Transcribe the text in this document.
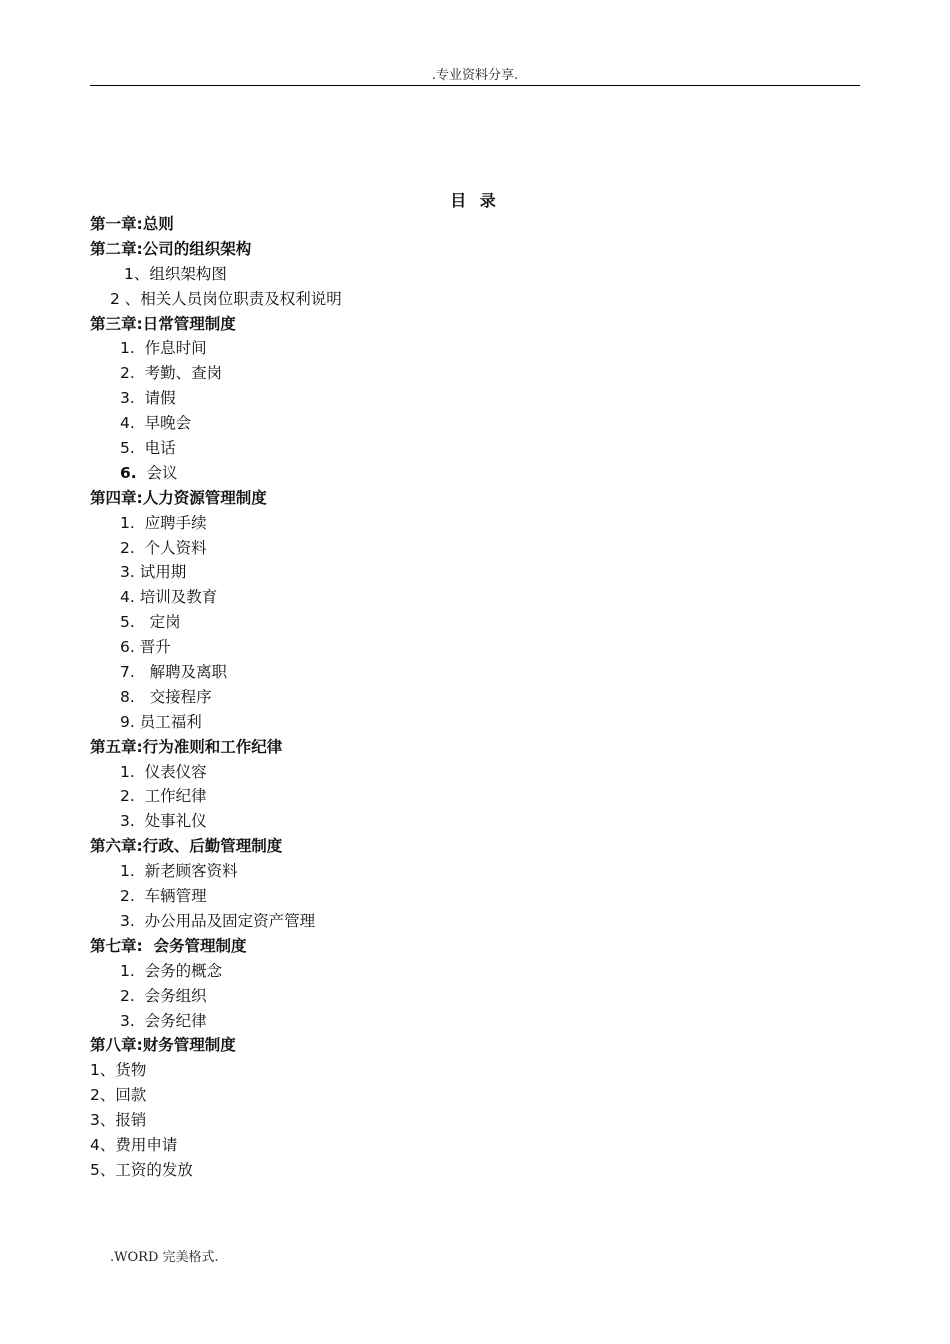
.专业资料分享.
目 录
第一章:总则
第二章:公司的组织架构
1、组织架构图
2 、相关人员岗位职责及权利说明
第三章:日常管理制度
1.  作息时间
2.  考勤、查岗
3.  请假
4.  早晚会
5.  电话
6.  会议
第四章:人力资源管理制度
1.  应聘手续
2.  个人资料
3. 试用期
4. 培训及教育
5.   定岗
6. 晋升
7.   解聘及离职
8.   交接程序
9. 员工福利
第五章:行为准则和工作纪律
1.  仪表仪容
2.  工作纪律
3.  处事礼仪
第六章:行政、后勤管理制度
1.  新老顾客资料
2.  车辆管理
3.  办公用品及固定资产管理
第七章:  会务管理制度
1.  会务的概念
2.  会务组织
3.  会务纪律
第八章:财务管理制度
1、货物
2、回款
3、报销
4、费用申请
5、工资的发放
.WORD 完美格式.
